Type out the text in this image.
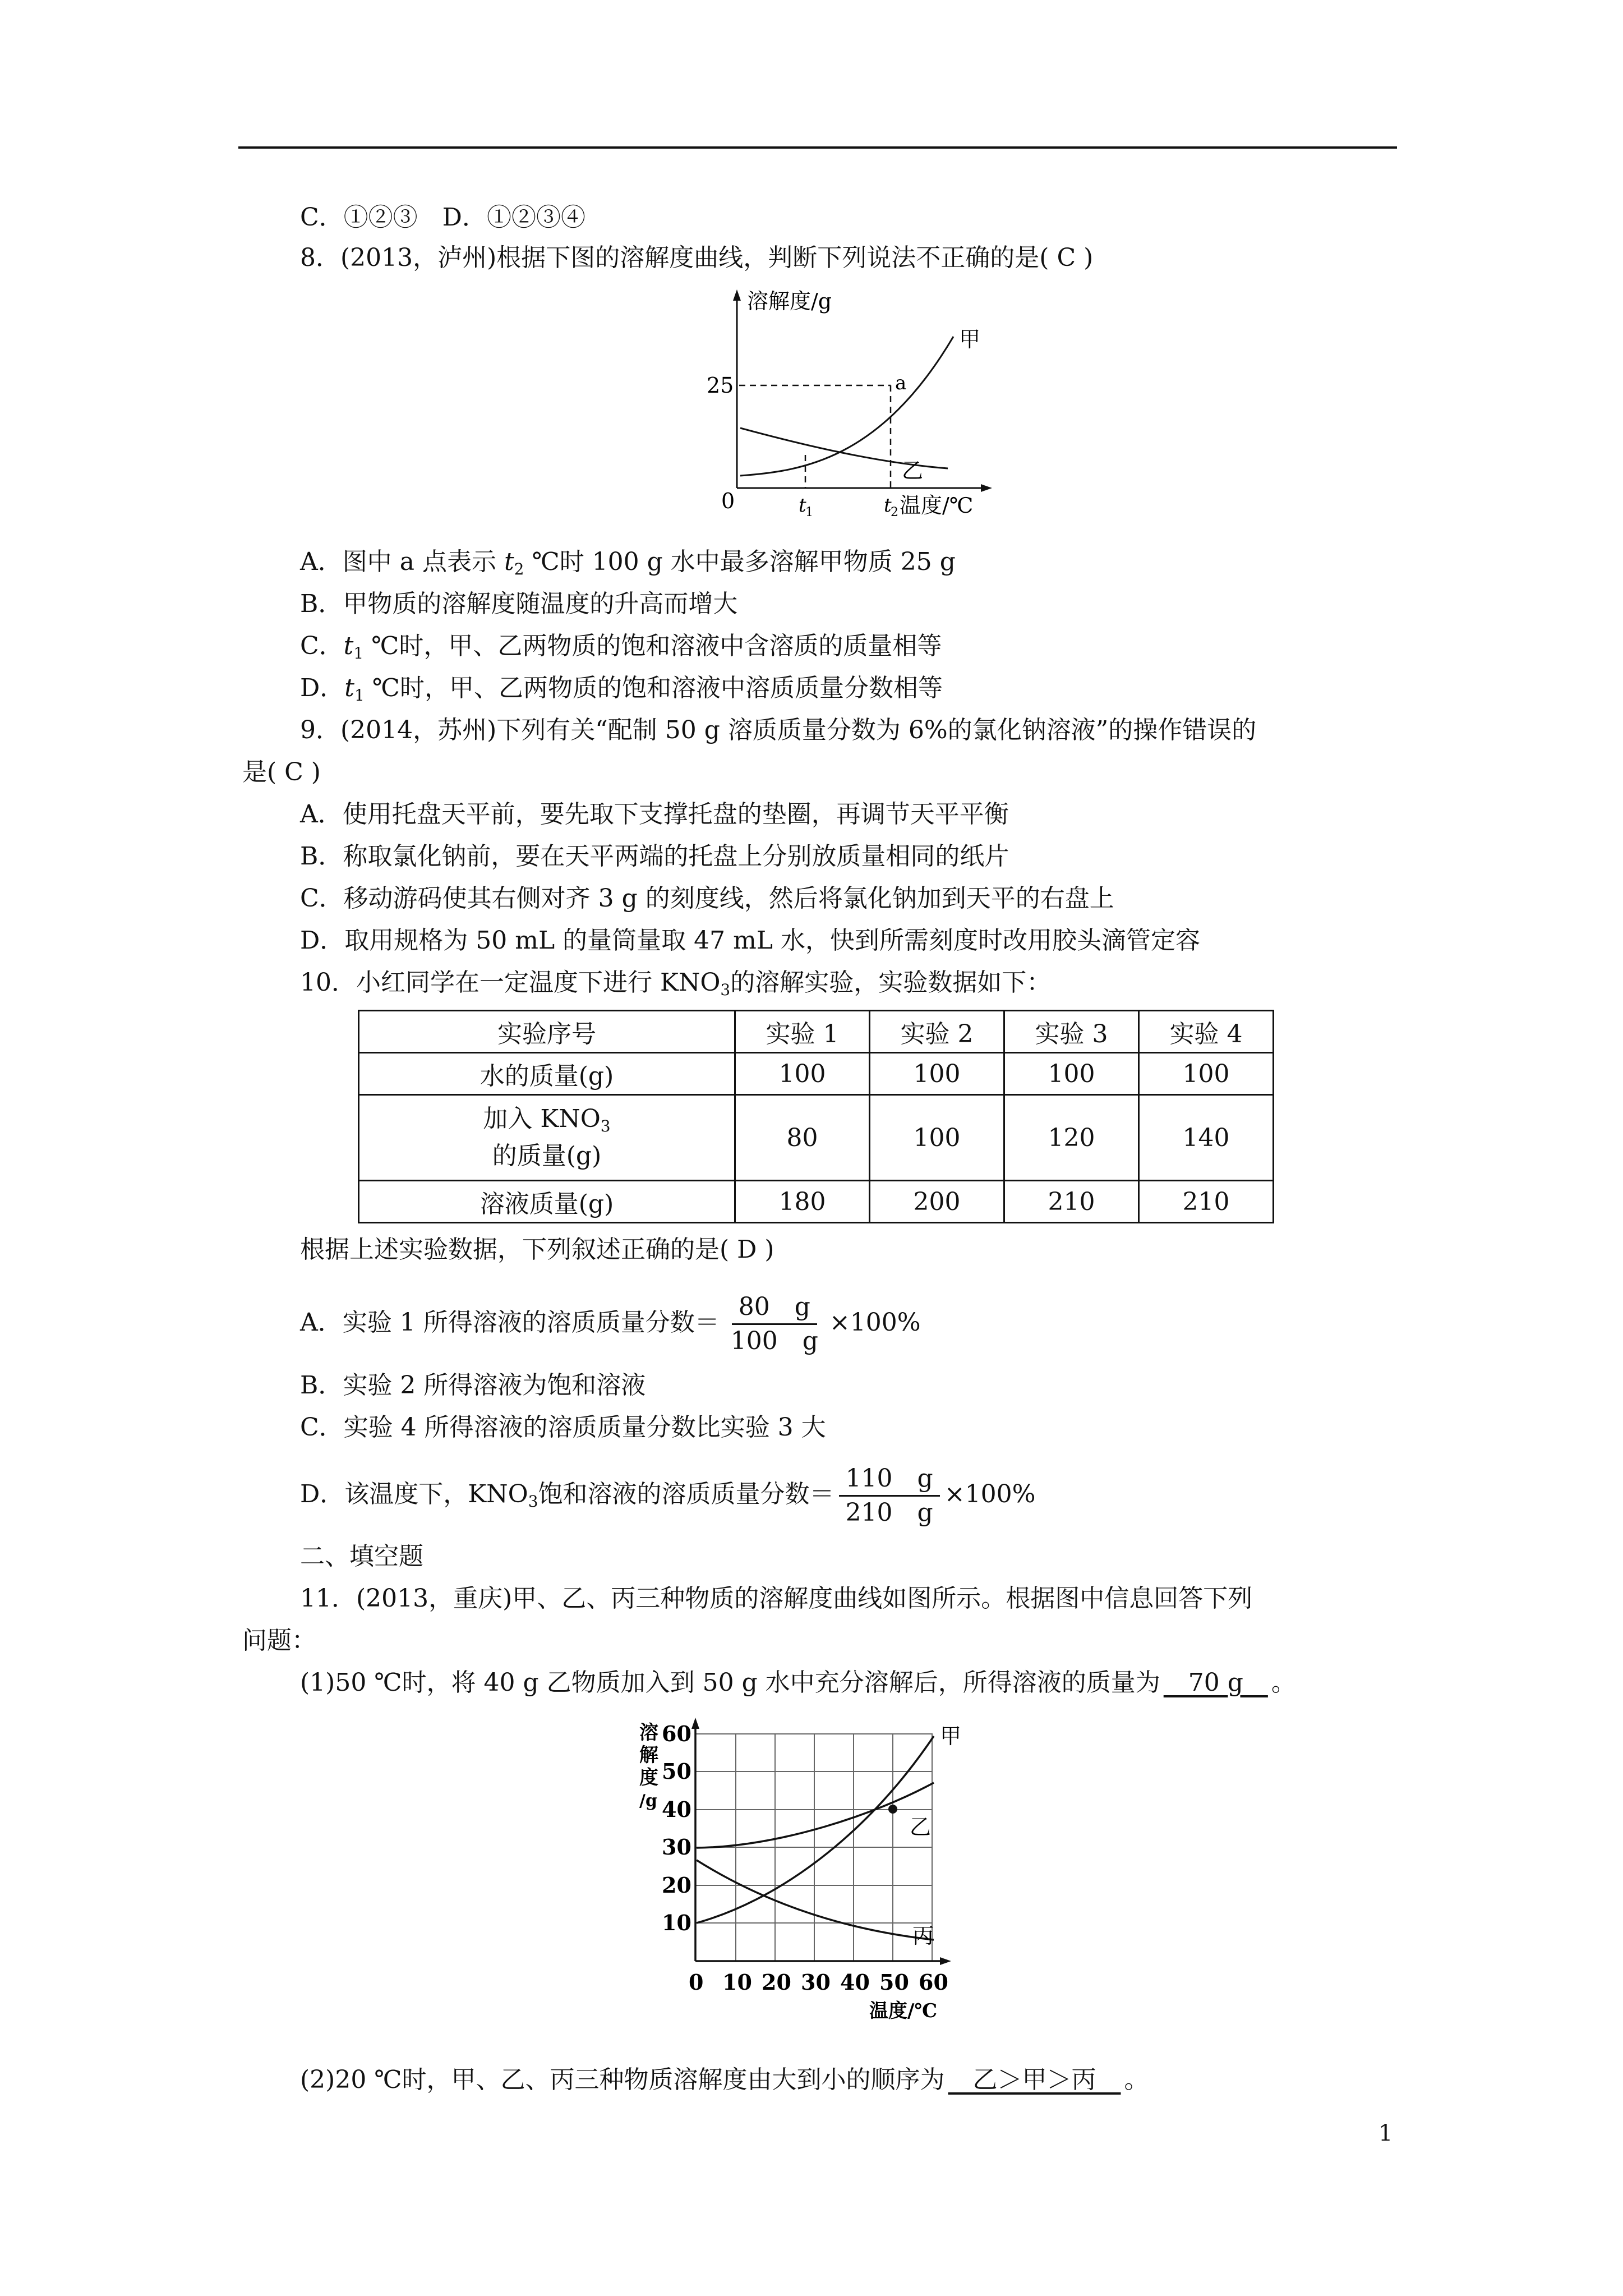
C．①②③　D．①②③④
8．(2013，泸州)根据下图的溶解度曲线，判断下列说法不正确的是( C )
溶解度/g
甲
乙
a
25
0	t
1	t
2 温度/℃
A．图中 a 点表示 $t_2$ ℃时 100 g 水中最多溶解甲物质 25 g
B．甲物质的溶解度随温度的升高而增大
C．$t_1$ ℃时，甲、乙两物质的饱和溶液中含溶质的质量相等
D．$t_1$ ℃时，甲、乙两物质的饱和溶液中溶质质量分数相等
9．(2014，苏州)下列有关“配制 50 g 溶质质量分数为 6%的氯化钠溶液”的操作错误的
是( C )
A．使用托盘天平前，要先取下支撑托盘的垫圈，再调节天平平衡
B．称取氯化钠前，要在天平两端的托盘上分别放质量相同的纸片
C．移动游码使其右侧对齐 3 g 的刻度线，然后将氯化钠加到天平的右盘上
D．取用规格为 50 mL 的量筒量取 47 mL 水，快到所需刻度时改用胶头滴管定容
10．小红同学在一定温度下进行 $KNO_3$的溶解实验，实验数据如下：
实验序号	实验 1	实验 2	实验 3	实验 4
水的质量(g)	100	100	100	100
加入 $KNO_3$
的质量(g)	80	100	120	140
溶液质量(g)	180	200	210	210
根据上述实验数据，下列叙述正确的是( D )
A．实验 1 所得溶液的溶质质量分数＝ $\frac{80 g}{100 g} \times 100\%$
B．实验 2 所得溶液为饱和溶液
C．实验 4 所得溶液的溶质质量分数比实验 3 大
D．该温度下，$KNO_3$饱和溶液的溶质质量分数＝ $\frac{110 g}{210 g} \times 100\%$
二、填空题
11．(2013，重庆)甲、乙、丙三种物质的溶解度曲线如图所示。根据图中信息回答下列
问题：
(1)50 ℃时，将 40 g 乙物质加入到 50 g 水中充分溶解后，所得溶液的质量为　70 g　。
甲
乙
丙
溶
解
度
/g
60
50
40
30
20
10
0 10 20 30 40 50 60
温度/℃
(2)20 ℃时，甲、乙、丙三种物质溶解度由大到小的顺序为　乙＞甲＞丙　。
1
